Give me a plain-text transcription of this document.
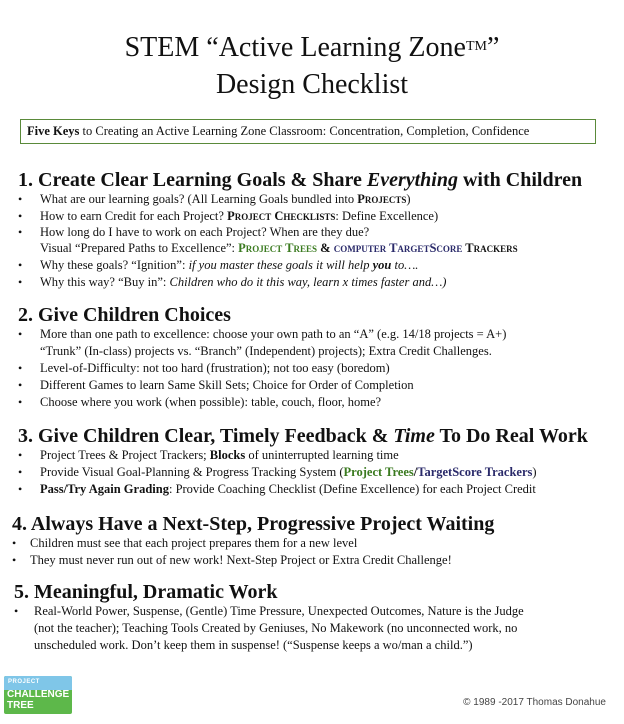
STEM “Active Learning Zone™”
Design Checklist
Five Keys to Creating an Active Learning Zone Classroom: Concentration, Completion, Confidence
1. Create Clear Learning Goals & Share Everything with Children
• What are our learning goals? (All Learning Goals bundled into Projects)
• How to earn Credit for each Project? Project Checklists: Define Excellence)
• How long do I have to work on each Project? When are they due?
Visual “Prepared Paths to Excellence”: Project Trees & computer TargetScore Trackers
• Why these goals? “Ignition”: if you master these goals it will help you to….
• Why this way? “Buy in”: Children who do it this way, learn x times faster and…)
2. Give Children Choices
• More than one path to excellence: choose your own path to an “A” (e.g. 14/18 projects = A+)
“Trunk” (In-class) projects vs. “Branch” (Independent) projects); Extra Credit Challenges.
• Level-of-Difficulty: not too hard (frustration); not too easy (boredom)
• Different Games to learn Same Skill Sets; Choice for Order of Completion
• Choose where you work (when possible): table, couch, floor, home?
3. Give Children Clear, Timely Feedback & Time To Do Real Work
• Project Trees & Project Trackers; Blocks of uninterrupted learning time
• Provide Visual Goal-Planning & Progress Tracking System (Project Trees/TargetScore Trackers)
• Pass/Try Again Grading: Provide Coaching Checklist (Define Excellence) for each Project Credit
4. Always Have a Next-Step, Progressive Project Waiting
• Children must see that each project prepares them for a new level
• They must never run out of new work! Next-Step Project or Extra Credit Challenge!
5. Meaningful, Dramatic Work
• Real-World Power, Suspense, (Gentle) Time Pressure, Unexpected Outcomes, Nature is the Judge
(not the teacher); Teaching Tools Created by Geniuses, No Makework (no unconnected work, no
unscheduled work. Don’t keep them in suspense! (“Suspense keeps a wo/man a child.”)
PROJECT
CHALLENGE
TREE	© 1989 -2017 Thomas Donahue
